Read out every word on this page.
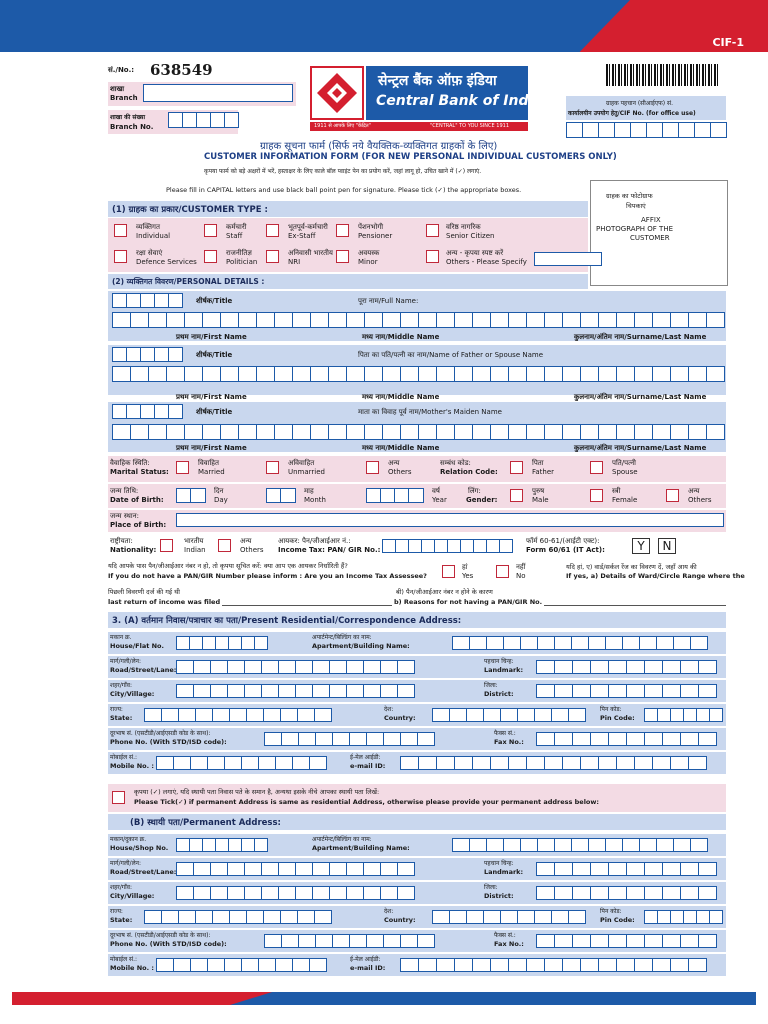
CIF-1
सं./No.: 638549
शाखा
Branch
शाखा की संख्या
Branch No.
सेन्ट्रल बैंक ऑफ़ इंडिया
Central Bank of India
1911 से आपके लिए "केंद्रित"	"CENTRAL" TO YOU SINCE 1911
ग्राहक पहचान (सीआईएफ) सं.
कार्यालयीन उपयोग हेतु/CIF No. (for office use)
ग्राहक सूचना फार्म (सिर्फ नये वैयक्तिक-व्यक्तिगत ग्राहकों के लिए)
CUSTOMER INFORMATION FORM (FOR NEW PERSONAL INDIVIDUAL CUSTOMERS ONLY)
कृपया फार्म को बड़े अक्षरों में भरें, हस्ताक्षर के लिए काले बॉल प्वाइंट पेन का प्रयोग करें, जहां लागू हो, उचित खाने में (✓) लगाएं.
Please fill in CAPITAL letters and use black ball point pen for signature. Please tick (✓) the appropriate boxes.
ग्राहक का फोटोग्राफ
चिपकाएं
AFFIX
PHOTOGRAPH OF THE
CUSTOMER
(1) ग्राहक का प्रकार/CUSTOMER TYPE :
व्यक्तिगत
Individual
कर्मचारी
Staff
भूतपूर्व-कर्मचारी
Ex-Staff
पेंशनभोगी
Pensioner
वरिष्ठ नागरिक
Senior Citizen
रक्षा सेवाएं
Defence Services
राजनीतिज्ञ
Politician
अनिवासी भारतीय
NRI
अवयस्क
Minor
अन्य - कृपया स्पष्ट करें
Others - Please Specify
(2) व्यक्तिगत विवरण/PERSONAL DETAILS :
शीर्षक/Title	पूरा नाम/Full Name:
प्रथम नाम/First Name	मध्य नाम/Middle Name	कुलनाम/अंतिम नाम/Surname/Last Name
शीर्षक/Title	पिता का पति/पत्नी का नाम/Name of Father or Spouse Name
प्रथम नाम/First Name	मध्य नाम/Middle Name	कुलनाम/अंतिम नाम/Surname/Last Name
शीर्षक/Title	माता का विवाह पूर्व नाम/Mother's Maiden Name
प्रथम नाम/First Name	मध्य नाम/Middle Name	कुलनाम/अंतिम नाम/Surname/Last Name
वैवाहिक स्थिति:
Marital Status:
विवाहित
Married
अविवाहित
Unmarried
अन्य
Others
सम्बंध कोड:
Relation Code:
पिता
Father
पति/पत्नी
Spouse
जन्म तिथि:
Date of Birth:
दिन
Day
माह
Month
वर्ष
Year
लिंग:
Gender:
पुरुष
Male
स्त्री
Female
अन्य
Others
जन्म स्थान:
Place of Birth:
राष्ट्रीयता:
Nationality:
भारतीय
Indian
अन्य
Others
आयकर: पैन/जीआईआर नं.:
Income Tax: PAN/ GIR No.:
फॉर्म 60-61/(आईटी एक्ट):
Form 60/61 (IT Act):	Y	N
यदि आपके पास पैन/जीआईआर नंबर न हो, तो कृपया सूचित करें: क्या आप एक आयकर निर्धारिती हैं?
If you do not have a PAN/GIR Number please inform : Are you an Income Tax Assessee?
हां
Yes
नहीं
No
यदि हां, ए) वार्ड/सर्कल रेंज का विवरण दें, जहाँ आय की
If yes, a) Details of Ward/Circle Range where the
पिछली विवरणी दर्ज की गई थी
last return of income was filed
बी) पैन/जीआईआर नंबर न होने के कारण
b) Reasons for not having a PAN/GIR No.
3. (A) वर्तमान निवास/पत्राचार का पता/Present Residential/Correspondence Address:
कृपया (✓) लगाएं, यदि स्थायी पता निवास पते के समान है, अन्यथा इसके नीचे आपका स्थायी पता लिखें:
Please Tick(✓) if permanent Address is same as residential Address, otherwise please provide your permanent address below:
(B) स्थायी पता/Permanent Address:
मकान क्र.
House/Flat No.
अपार्टमेन्ट/बिल्डिंग का नाम:
Apartment/Building Name:
मार्ग/गली/लेन:
Road/Street/Lane:
पहचान चिन्ह:
Landmark:
शहर/गाँव:
City/Village:
जिला:
District:
राज्य:
State:
देश:
Country:
पिन कोड:
Pin Code:
दूरभाष सं. (एसटीडी/आईएसडी कोड के साथ):
Phone No. (With STD/ISD code):
फैक्स सं.:
Fax No.:
मोबाईल सं.:
Mobile No. :
ई-मेल आईडी:
e-mail ID:
मकान/दुकान क्र.
House/Shop No.
अपार्टमेन्ट/बिल्डिंग का नाम:
Apartment/Building Name:
मार्ग/गली/लेन:
Road/Street/Lane:
पहचान चिन्ह:
Landmark:
शहर/गाँव:
City/Village:
जिला:
District:
राज्य:
State:
देश:
Country:
पिन कोड:
Pin Code:
दूरभाष सं. (एसटीडी/आईएसडी कोड के साथ):
Phone No. (With STD/ISD code):
फैक्स सं.:
Fax No.:
मोबाईल सं.:
Mobile No. :
ई-मेल आईडी:
e-mail ID:
